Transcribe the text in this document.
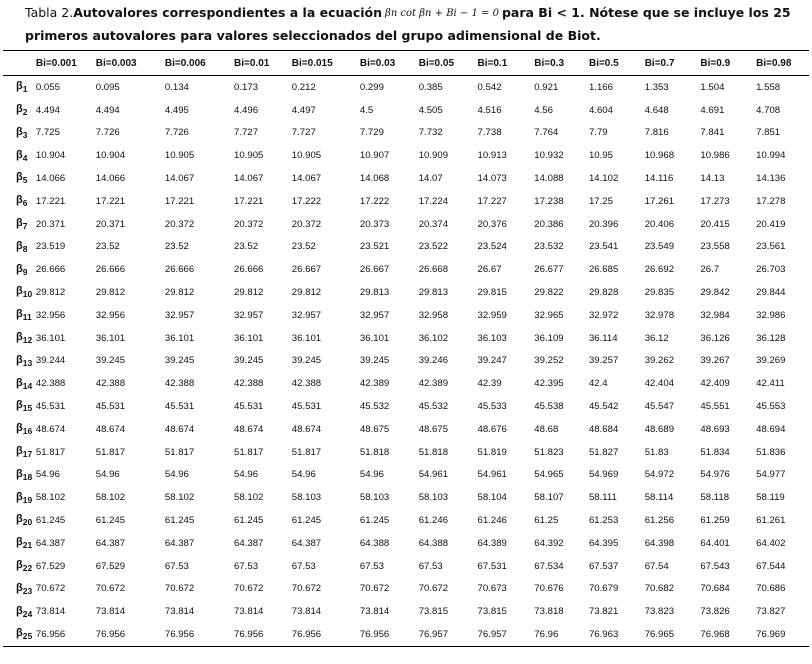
Tabla 2.Autovalores correspondientes a la ecuación βn cot βn + Bi − 1 = 0 para Bi < 1. Nótese que se incluye los 25 primeros autovalores para valores seleccionados del grupo adimensional de Biot.
	Bi=0.001	Bi=0.003	Bi=0.006	Bi=0.01	Bi=0.015	Bi=0.03	Bi=0.05	Bi=0.1	Bi=0.3	Bi=0.5	Bi=0.7	Bi=0.9	Bi=0.98
$\beta_1$	0.055	0.095	0.134	0.173	0.212	0.299	0.385	0.542	0.921	1.166	1.353	1.504	1.558
$\beta_2$	4.494	4.494	4.495	4.496	4.497	4.5	4.505	4.516	4.56	4.604	4.648	4.691	4.708
$\beta_3$	7.725	7.726	7.726	7.727	7.727	7.729	7.732	7.738	7.764	7.79	7.816	7.841	7.851
$\beta_4$	10.904	10.904	10.905	10.905	10.905	10.907	10.909	10.913	10.932	10.95	10.968	10.986	10.994
$\beta_5$	14.066	14.066	14.067	14.067	14.067	14.068	14.07	14.073	14.088	14.102	14.116	14.13	14.136
$\beta_6$	17.221	17.221	17.221	17.221	17.222	17.222	17.224	17.227	17.238	17.25	17.261	17.273	17.278
$\beta_7$	20.371	20.371	20.372	20.372	20.372	20.373	20.374	20.376	20.386	20.396	20.406	20.415	20.419
$\beta_8$	23.519	23.52	23.52	23.52	23.52	23.521	23.522	23.524	23.532	23.541	23.549	23.558	23.561
$\beta_9$	26.666	26.666	26.666	26.666	26.667	26.667	26.668	26.67	26.677	26.685	26.692	26.7	26.703
$\beta_{10}$	29.812	29.812	29.812	29.812	29.812	29.813	29.813	29.815	29.822	29.828	29.835	29.842	29.844
$\beta_{11}$	32.956	32.956	32.957	32.957	32.957	32.957	32.958	32.959	32.965	32.972	32.978	32.984	32.986
$\beta_{12}$	36.101	36.101	36.101	36.101	36.101	36.101	36.102	36.103	36.109	36.114	36.12	36.126	36.128
$\beta_{13}$	39.244	39.245	39.245	39.245	39.245	39.245	39.246	39.247	39.252	39.257	39.262	39.267	39.269
$\beta_{14}$	42.388	42.388	42.388	42.388	42.388	42.389	42.389	42.39	42.395	42.4	42.404	42.409	42.411
$\beta_{15}$	45.531	45.531	45.531	45.531	45.531	45.532	45.532	45.533	45.538	45.542	45.547	45.551	45.553
$\beta_{16}$	48.674	48.674	48.674	48.674	48.674	48.675	48.675	48.676	48.68	48.684	48.689	48.693	48.694
$\beta_{17}$	51.817	51.817	51.817	51.817	51.817	51.818	51.818	51.819	51.823	51.827	51.83	51.834	51.836
$\beta_{18}$	54.96	54.96	54.96	54.96	54.96	54.96	54.961	54.961	54.965	54.969	54.972	54.976	54.977
$\beta_{19}$	58.102	58.102	58.102	58.102	58.103	58.103	58.103	58.104	58.107	58.111	58.114	58.118	58.119
$\beta_{20}$	61.245	61.245	61.245	61.245	61.245	61.245	61.246	61.246	61.25	61.253	61.256	61.259	61.261
$\beta_{21}$	64.387	64.387	64.387	64.387	64.387	64.388	64.388	64.389	64.392	64.395	64.398	64.401	64.402
$\beta_{22}$	67.529	67.529	67.53	67.53	67.53	67.53	67.53	67.531	67.534	67.537	67.54	67.543	67.544
$\beta_{23}$	70.672	70.672	70.672	70.672	70.672	70.672	70.672	70.673	70.676	70.679	70.682	70.684	70.686
$\beta_{24}$	73.814	73.814	73.814	73.814	73.814	73.814	73.815	73.815	73.818	73.821	73.823	73.826	73.827
$\beta_{25}$	76.956	76.956	76.956	76.956	76.956	76.956	76.957	76.957	76.96	76.963	76.965	76.968	76.969
